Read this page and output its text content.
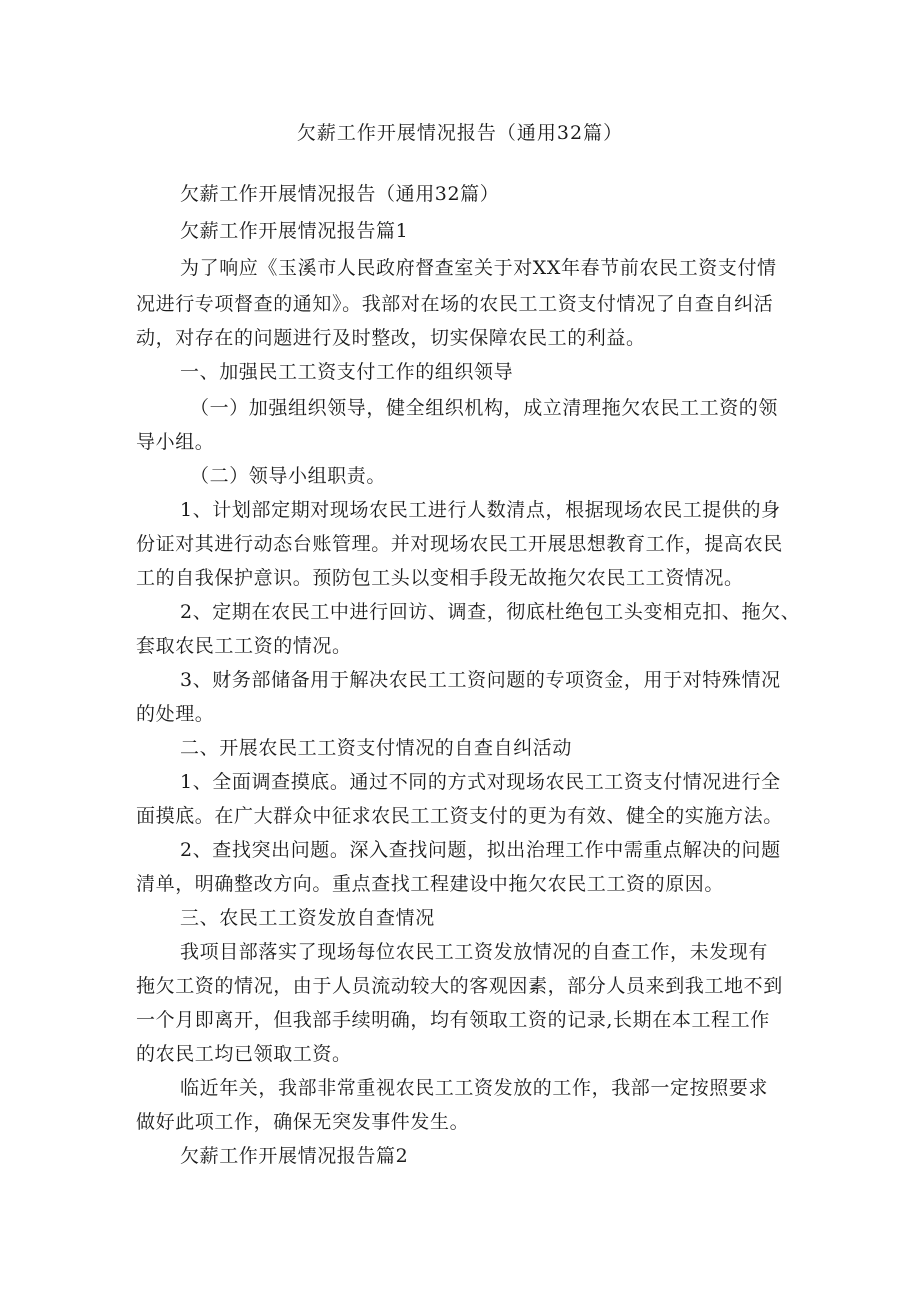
欠薪工作开展情况报告（通用32篇）
欠薪工作开展情况报告（通用32篇）
欠薪工作开展情况报告篇1
为了响应《玉溪市人民政府督查室关于对XX年春节前农民工资支付情
况进行专项督查的通知》。我部对在场的农民工工资支付情况了自查自纠活
动，对存在的问题进行及时整改，切实保障农民工的利益。
一、加强民工工资支付工作的组织领导
（一）加强组织领导，健全组织机构，成立清理拖欠农民工工资的领
导小组。
（二）领导小组职责。
1、计划部定期对现场农民工进行人数清点，根据现场农民工提供的身
份证对其进行动态台账管理。并对现场农民工开展思想教育工作，提高农民
工的自我保护意识。预防包工头以变相手段无故拖欠农民工工资情况。
2、定期在农民工中进行回访、调查，彻底杜绝包工头变相克扣、拖欠、
套取农民工工资的情况。
3、财务部储备用于解决农民工工资问题的专项资金，用于对特殊情况
的处理。
二、开展农民工工资支付情况的自查自纠活动
1、全面调查摸底。通过不同的方式对现场农民工工资支付情况进行全
面摸底。在广大群众中征求农民工工资支付的更为有效、健全的实施方法。
2、查找突出问题。深入查找问题，拟出治理工作中需重点解决的问题
清单，明确整改方向。重点查找工程建设中拖欠农民工工资的原因。
三、农民工工资发放自查情况
我项目部落实了现场每位农民工工资发放情况的自查工作，未发现有
拖欠工资的情况，由于人员流动较大的客观因素，部分人员来到我工地不到
一个月即离开，但我部手续明确，均有领取工资的记录,长期在本工程工作
的农民工均已领取工资。
临近年关，我部非常重视农民工工资发放的工作，我部一定按照要求
做好此项工作，确保无突发事件发生。
欠薪工作开展情况报告篇2
